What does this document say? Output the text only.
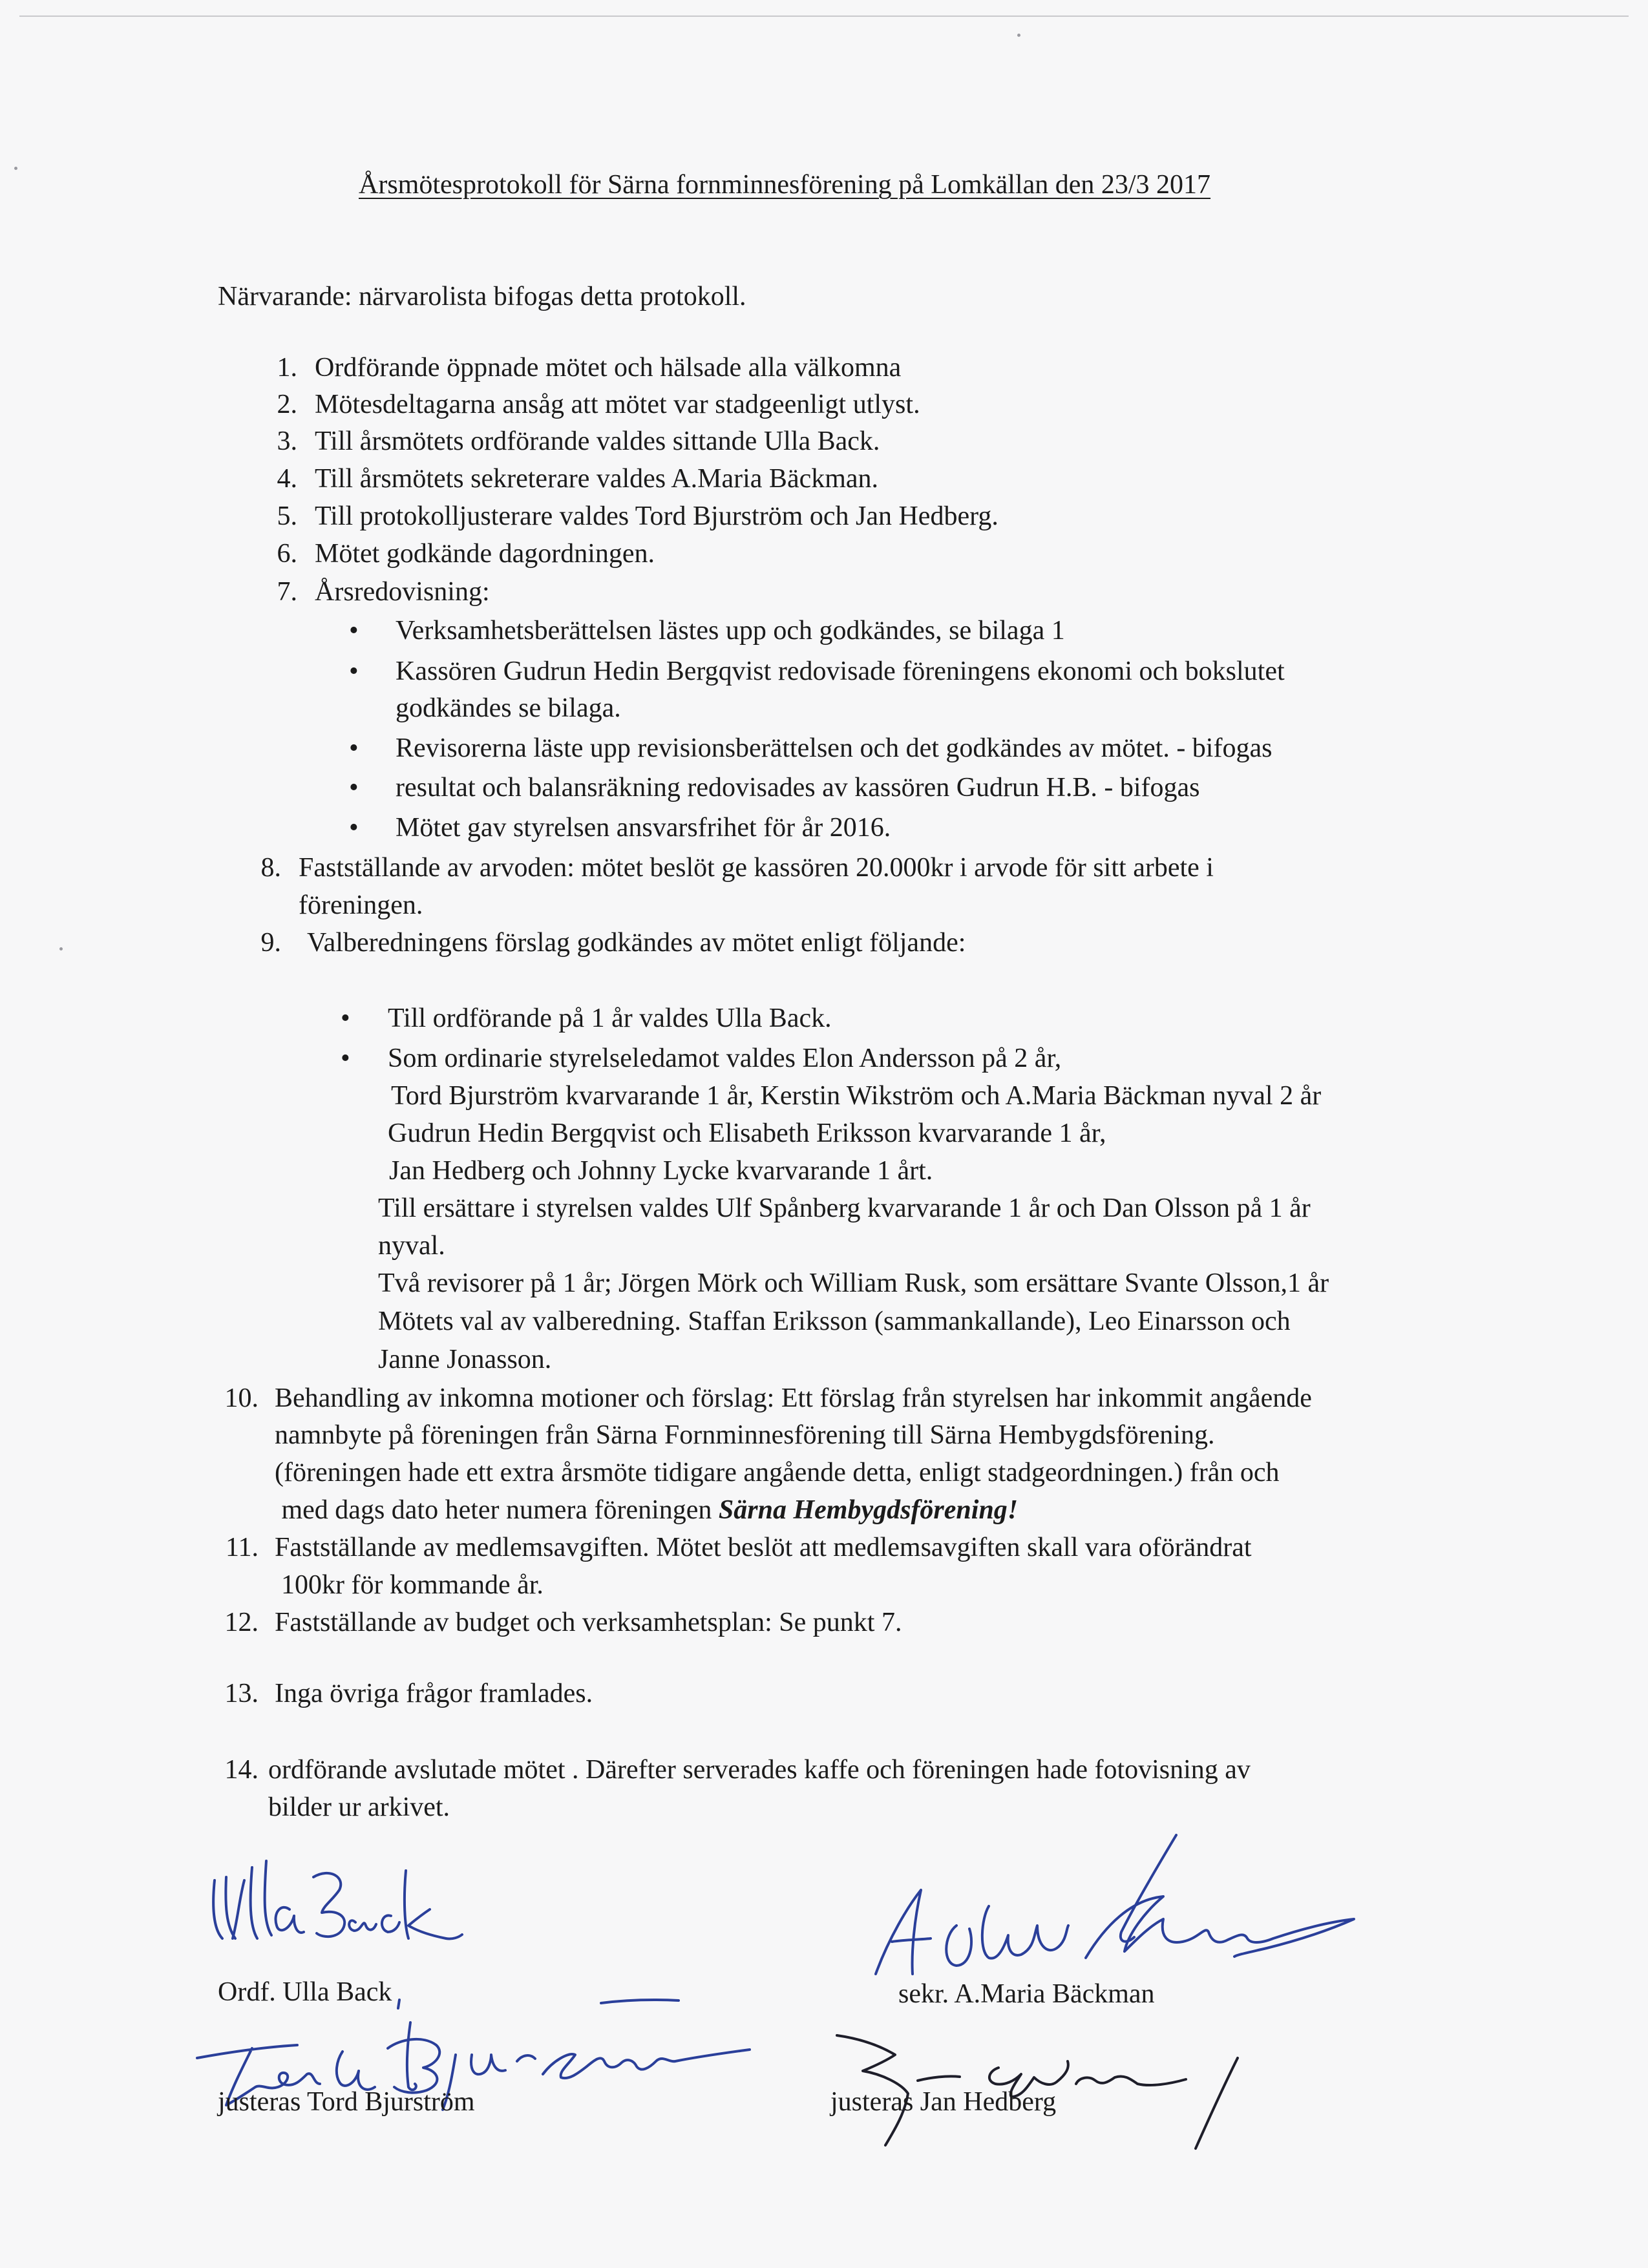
Årsmötesprotokoll för Särna fornminnesförening på Lomkällan den 23/3 2017
Närvarande: närvarolista bifogas detta protokoll.
1. Ordförande öppnade mötet och hälsade alla välkomna
2. Mötesdeltagarna ansåg att mötet var stadgeenligt utlyst.
3. Till årsmötets ordförande valdes sittande Ulla Back.
4. Till årsmötets sekreterare valdes A.Maria Bäckman.
5. Till protokolljusterare valdes Tord Bjurström och Jan Hedberg.
6. Mötet godkände dagordningen.
7. Årsredovisning:
• Verksamhetsberättelsen lästes upp och godkändes, se bilaga 1
• Kassören Gudrun Hedin Bergqvist redovisade föreningens ekonomi och bokslutet
godkändes se bilaga.
• Revisorerna läste upp revisionsberättelsen och det godkändes av mötet. - bifogas
• resultat och balansräkning redovisades av kassören Gudrun H.B. - bifogas
• Mötet gav styrelsen ansvarsfrihet för år 2016.
8. Fastställande av arvoden: mötet beslöt ge kassören 20.000kr i arvode för sitt arbete i
föreningen.
9. Valberedningens förslag godkändes av mötet enligt följande:
• Till ordförande på 1 år valdes Ulla Back.
• Som ordinarie styrelseledamot valdes Elon Andersson på 2 år,
Tord Bjurström kvarvarande 1 år, Kerstin Wikström och A.Maria Bäckman nyval 2 år
Gudrun Hedin Bergqvist och Elisabeth Eriksson kvarvarande 1 år,
Jan Hedberg och Johnny Lycke kvarvarande 1 årt.
Till ersättare i styrelsen valdes Ulf Spånberg kvarvarande 1 år och Dan Olsson på 1 år
nyval.
Två revisorer på 1 år; Jörgen Mörk och William Rusk, som ersättare Svante Olsson,1 år
Mötets val av valberedning. Staffan Eriksson (sammankallande), Leo Einarsson och
Janne Jonasson.
10. Behandling av inkomna motioner och förslag: Ett förslag från styrelsen har inkommit angående
namnbyte på föreningen från Särna Fornminnesförening till Särna Hembygdsförening.
(föreningen hade ett extra årsmöte tidigare angående detta, enligt stadgeordningen.) från och
med dags dato heter numera föreningen Särna Hembygdsförening!
11. Fastställande av medlemsavgiften. Mötet beslöt att medlemsavgiften skall vara oförändrat
100kr för kommande år.
12. Fastställande av budget och verksamhetsplan: Se punkt 7.
13. Inga övriga frågor framlades.
14. ordförande avslutade mötet . Därefter serverades kaffe och föreningen hade fotovisning av
bilder ur arkivet.
Ordf. Ulla Back	sekr. A.Maria Bäckman
justeras Tord Bjurström	justeras Jan Hedberg
